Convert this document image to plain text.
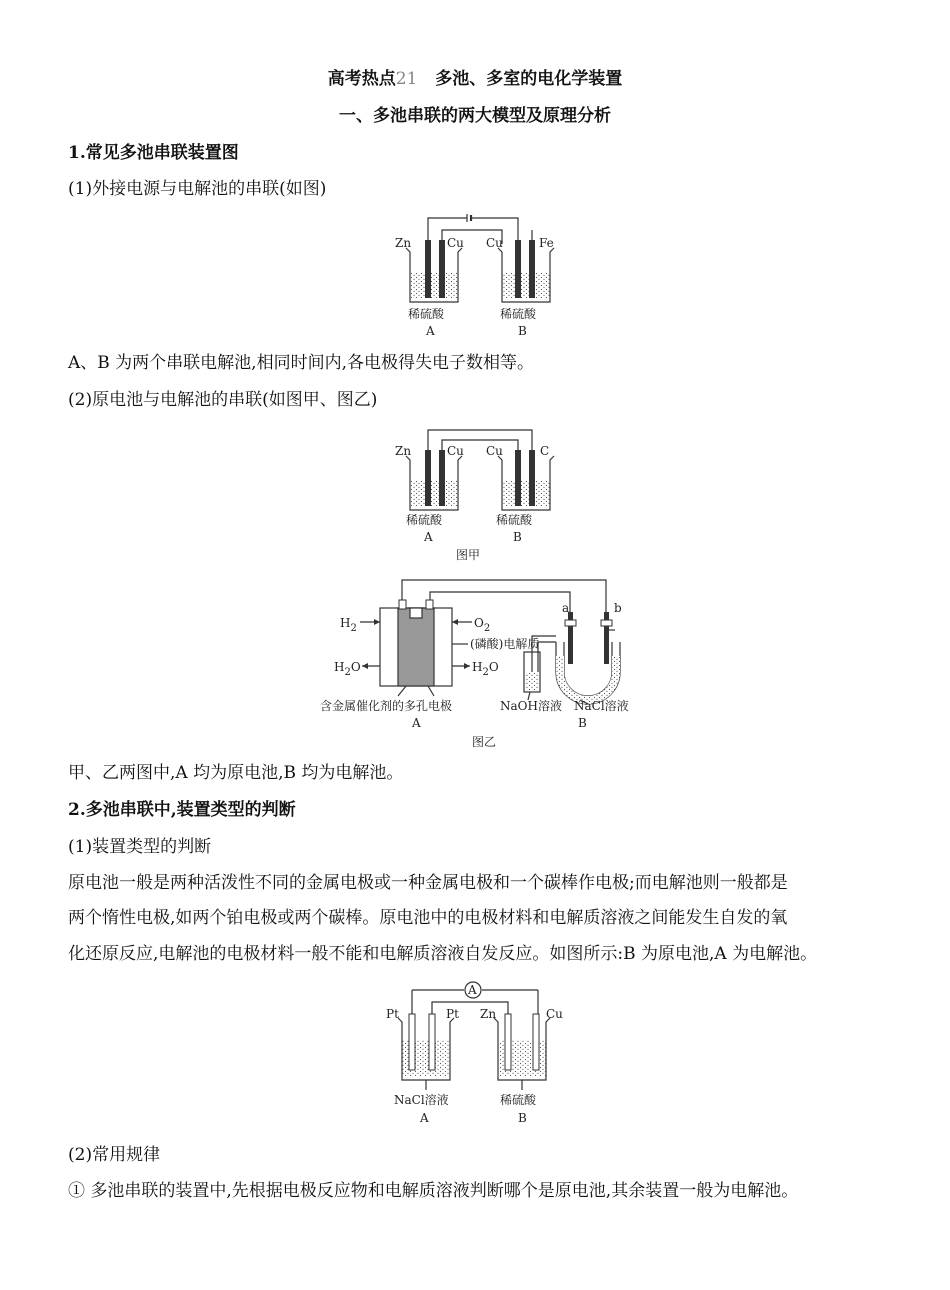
高考热点21 多池、多室的电化学装置
一、多池串联的两大模型及原理分析
1.常见多池串联装置图
(1)外接电源与电解池的串联(如图)
Zn	Cu Cu	Fe
稀硫酸	稀硫酸
A	B
A、B 为两个串联电解池,相同时间内,各电极得失电子数相等。
(2)原电池与电解池的串联(如图甲、图乙)
Zn	Cu Cu	C
稀硫酸	稀硫酸
A	B
图甲
$H_2$	$O_2$
(磷酸)电解质
$H_2O$	$H_2O$
含金属催化剂的多孔电极
A
a	b
NaOH溶液 NaCl溶液
B
图乙
甲、乙两图中,A 均为原电池,B 均为电解池。
2.多池串联中,装置类型的判断
(1)装置类型的判断
原电池一般是两种活泼性不同的金属电极或一种金属电极和一个碳棒作电极;而电解池则一般都是
两个惰性电极,如两个铂电极或两个碳棒。原电池中的电极材料和电解质溶液之间能发生自发的氧
化还原反应,电解池的电极材料一般不能和电解质溶液自发反应。如图所示:B 为原电池,A 为电解池。
A
Pt	Pt Zn	Cu
NaCl溶液	稀硫酸
A	B
(2)常用规律
① 多池串联的装置中,先根据电极反应物和电解质溶液判断哪个是原电池,其余装置一般为电解池。
